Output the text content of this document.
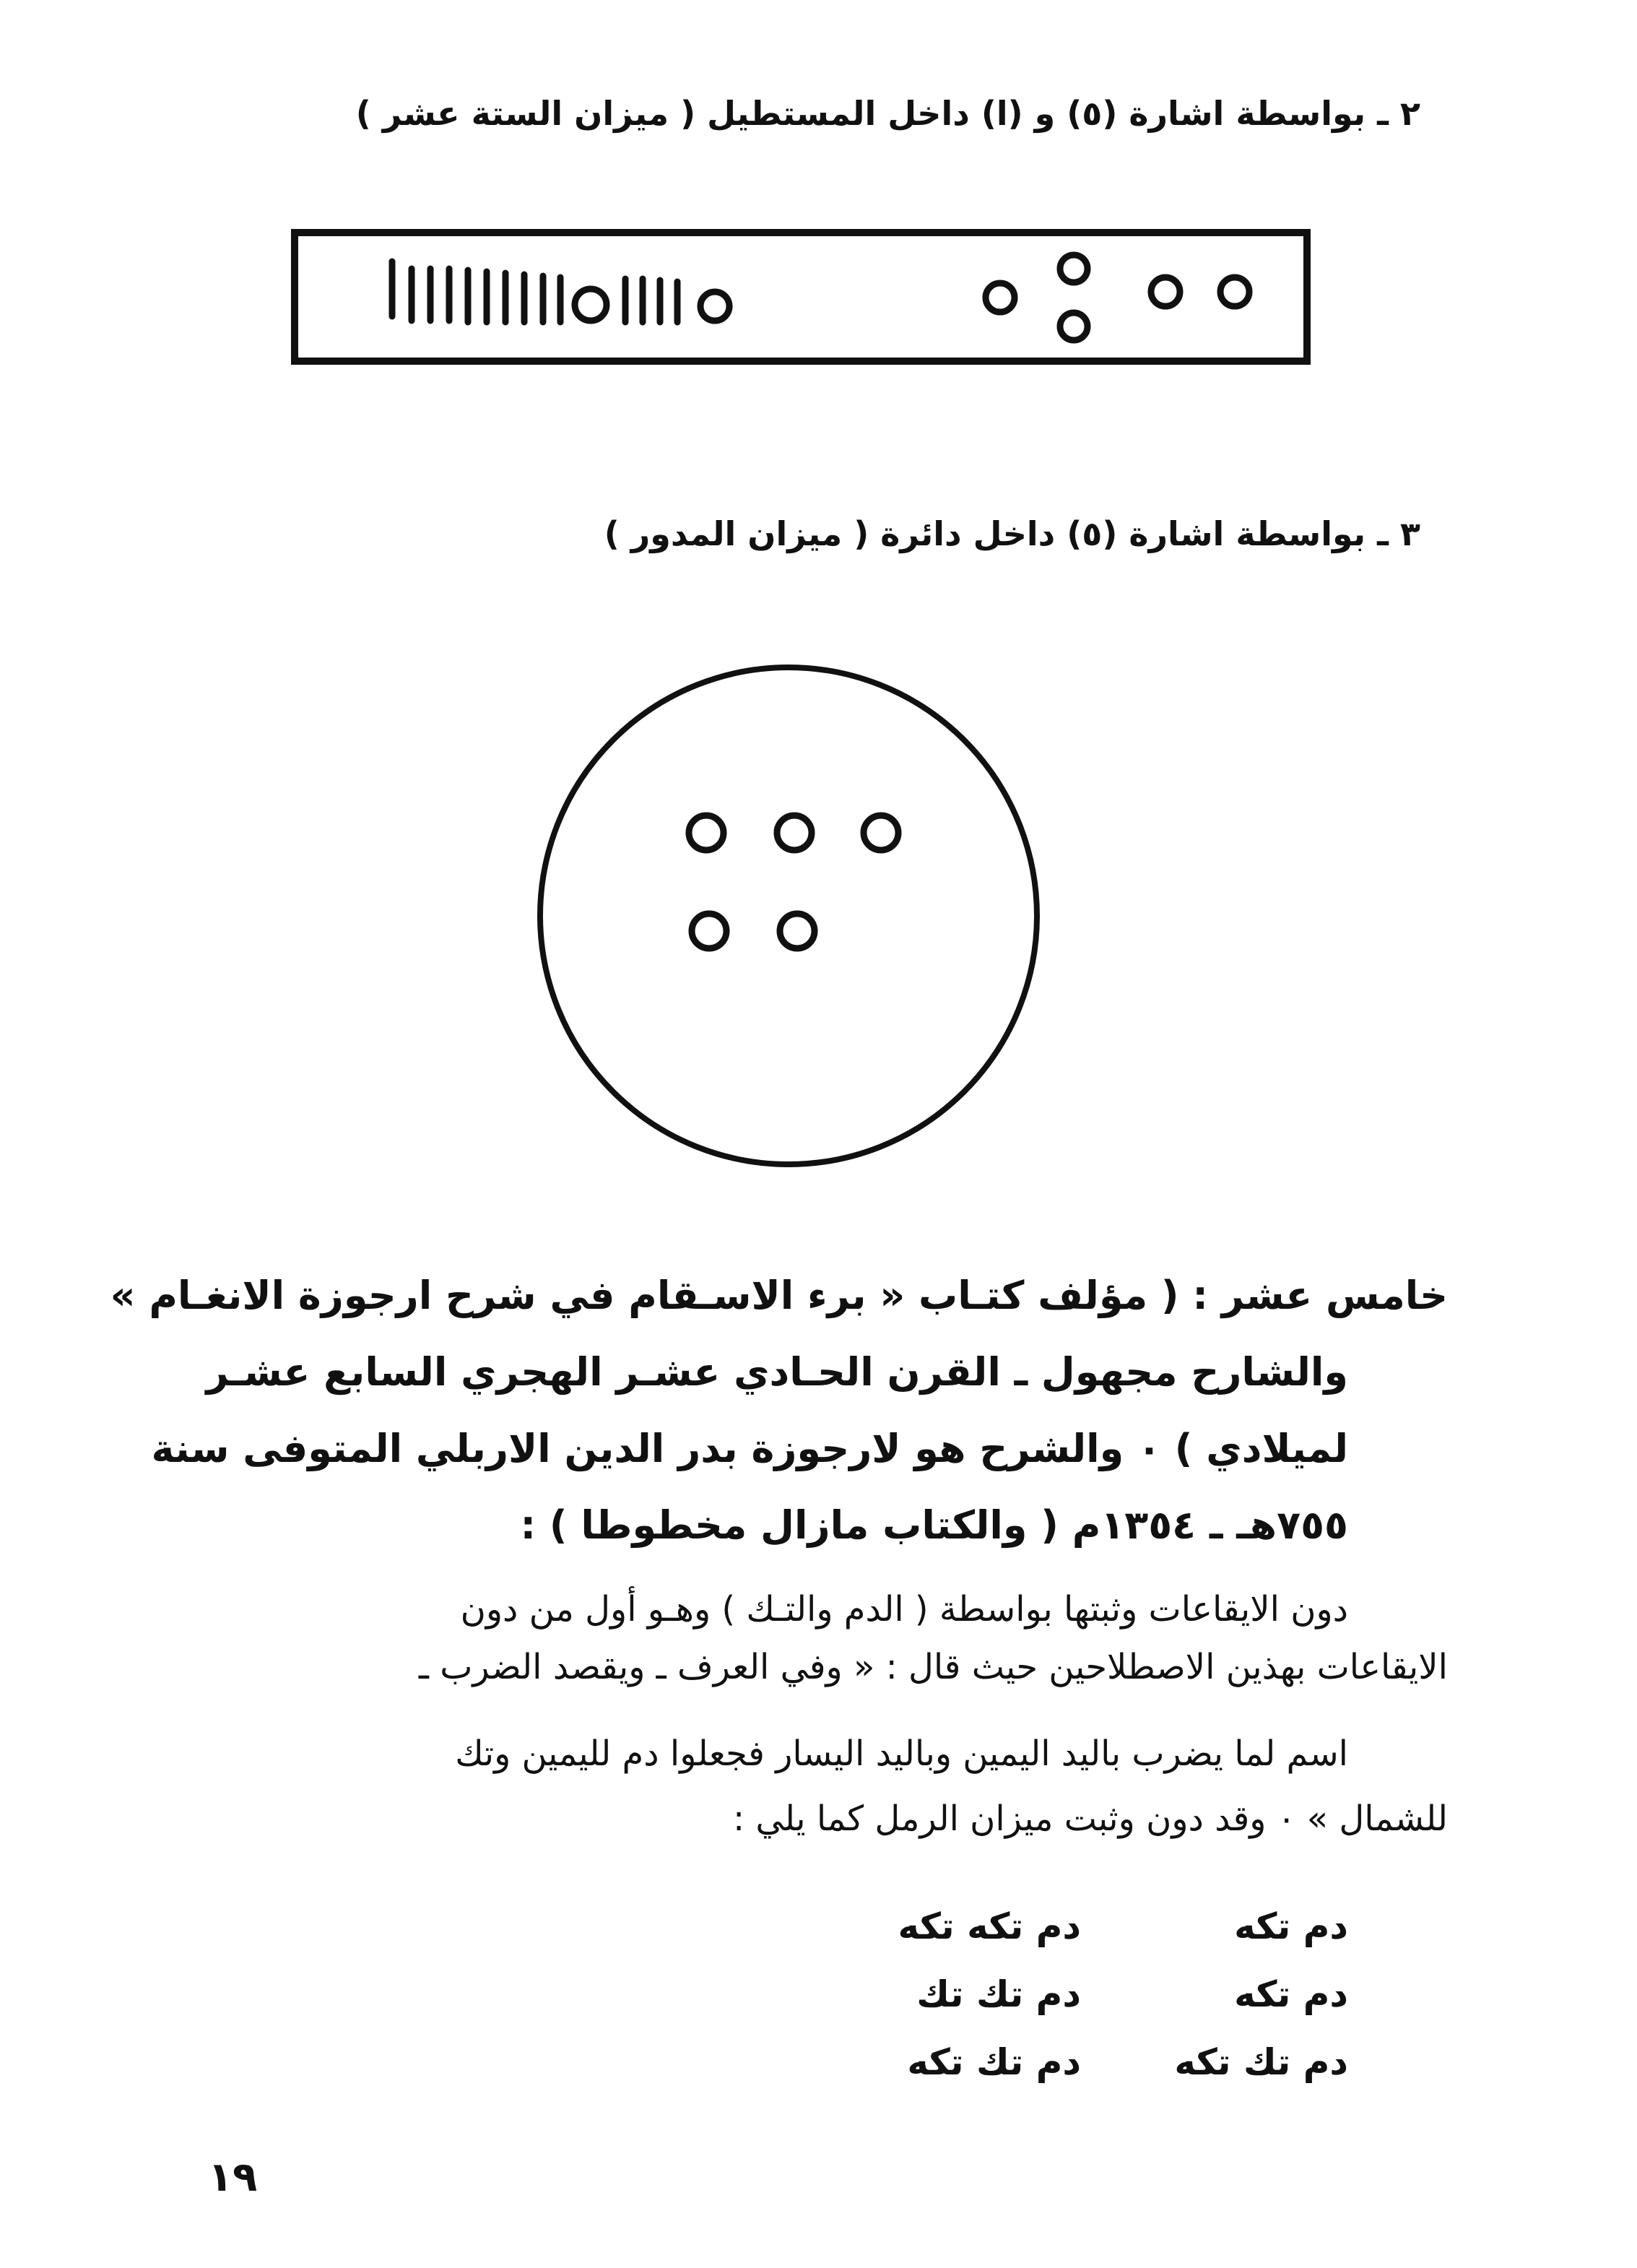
٢ ـ بواسطة اشارة (٥) و (ا) داخل المستطيل ( ميزان الستة عشر )
٣ ـ بواسطة اشارة (٥) داخل دائرة ( ميزان المدور )
خامس عشر : ( مؤلف كتـاب « برء الاسـقام في شرح ارجوزة الانغـام »
والشارح مجهول ـ القرن الحـادي عشـر الهجري السابع عشـر
لميلادي ) ٠ والشرح هو لارجوزة بدر الدين الاربلي المتوفى سنة
٧٥٥هـ ـ ١٣٥٤م ( والكتاب مازال مخطوطا ) :
دون الايقاعات وثبتها بواسطة ( الدم والتـك ) وهـو أول من دون
الايقاعات بهذين الاصطلاحين حيث قال : « وفي العرف ـ ويقصد الضرب ـ
اسم لما يضرب باليد اليمين وباليد اليسار فجعلوا دم لليمين وتك
للشمال » ٠ وقد دون وثبت ميزان الرمل كما يلي :
دم تكه
دم تكه
دم تك تكه
دم تكه تكه
دم تك تك
دم تك تكه
١٩
